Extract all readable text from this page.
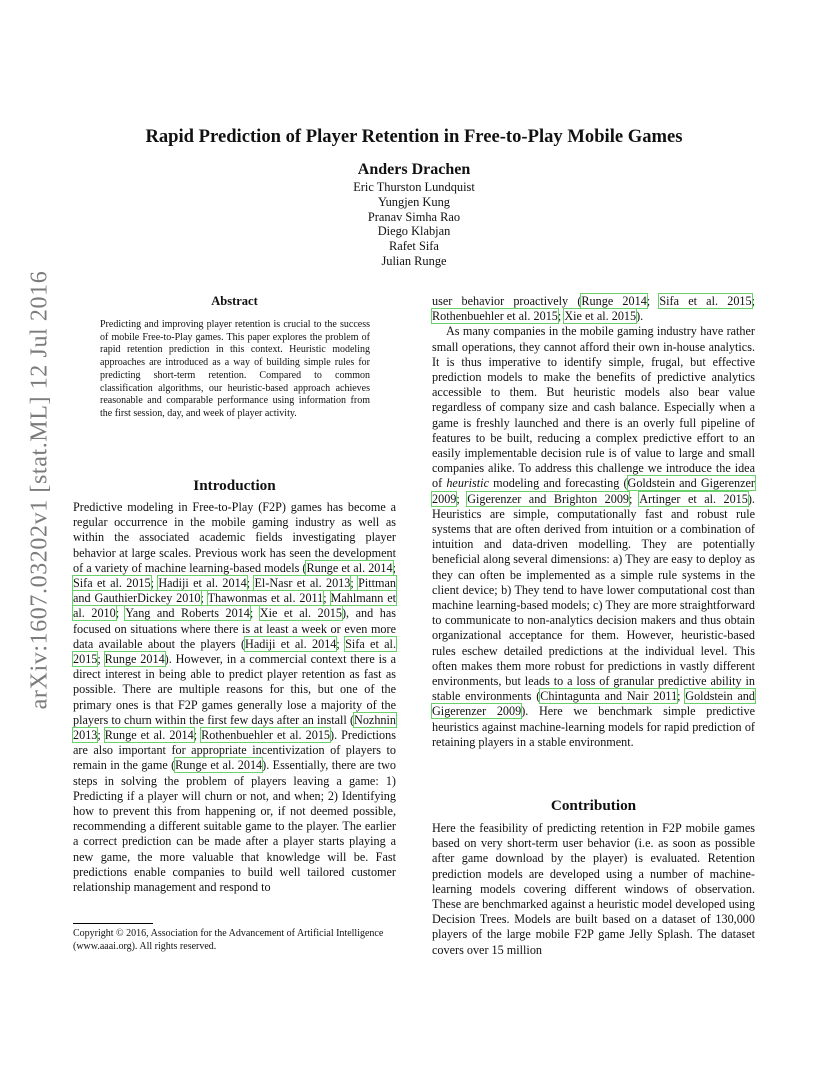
arXiv:1607.03202v1 [stat.ML] 12 Jul 2016
Rapid Prediction of Player Retention in Free-to-Play Mobile Games
Anders Drachen
Eric Thurston Lundquist
Yungjen Kung
Pranav Simha Rao
Diego Klabjan
Rafet Sifa
Julian Runge
Abstract
Predicting and improving player retention is crucial to the success of mobile Free-to-Play games. This paper explores the problem of rapid retention prediction in this context. Heuristic modeling approaches are introduced as a way of building simple rules for predicting short-term retention. Compared to common classification algorithms, our heuristic-based approach achieves reasonable and comparable performance using information from the first session, day, and week of player activity.
Introduction

Predictive modeling in Free-to-Play (F2P) games has become a regular occurrence in the mobile gaming industry as well as within the associated academic fields investigating player behavior at large scales. Previous work has seen the development of a variety of machine learning-based models (Runge et al. 2014; Sifa et al. 2015; Hadiji et al. 2014; El-Nasr et al. 2013; Pittman and GauthierDickey 2010; Thawonmas et al. 2011; Mahlmann et al. 2010; Yang and Roberts 2014; Xie et al. 2015), and has focused on situations where there is at least a week or even more data available about the players (Hadiji et al. 2014; Sifa et al. 2015; Runge 2014). However, in a commercial context there is a direct interest in being able to predict player retention as fast as possible. There are multiple reasons for this, but one of the primary ones is that F2P games generally lose a majority of the players to churn within the first few days after an install (Nozhnin 2013; Runge et al. 2014; Rothenbuehler et al. 2015). Predictions are also important for appropriate incentivization of players to remain in the game (Runge et al. 2014). Essentially, there are two steps in solving the problem of players leaving a game: 1) Predicting if a player will churn or not, and when; 2) Identifying how to prevent this from happening or, if not deemed possible, recommending a different suitable game to the player. The earlier a correct prediction can be made after a player starts playing a new game, the more valuable that knowledge will be. Fast predictions enable companies to build well tailored customer relationship management and respond to

Copyright © 2016, Association for the Advancement of Artificial Intelligence (www.aaai.org). All rights reserved.

user behavior proactively (Runge 2014; Sifa et al. 2015; Rothenbuehler et al. 2015; Xie et al. 2015).

As many companies in the mobile gaming industry have rather small operations, they cannot afford their own in-house analytics. It is thus imperative to identify simple, frugal, but effective prediction models to make the benefits of predictive analytics accessible to them. But heuristic models also bear value regardless of company size and cash balance. Especially when a game is freshly launched and there is an overly full pipeline of features to be built, reducing a complex predictive effort to an easily implementable decision rule is of value to large and small companies alike. To address this challenge we introduce the idea of heuristic modeling and forecasting (Goldstein and Gigerenzer 2009; Gigerenzer and Brighton 2009; Artinger et al. 2015). Heuristics are simple, computationally fast and robust rule systems that are often derived from intuition or a combination of intuition and data-driven modelling. They are potentially beneficial along several dimensions: a) They are easy to deploy as they can often be implemented as a simple rule systems in the client device; b) They tend to have lower computational cost than machine learning-based models; c) They are more straightforward to communicate to non-analytics decision makers and thus obtain organizational acceptance for them. However, heuristic-based rules eschew detailed predictions at the individual level. This often makes them more robust for predictions in vastly different environments, but leads to a loss of granular predictive ability in stable environments (Chintagunta and Nair 2011; Goldstein and Gigerenzer 2009). Here we benchmark simple predictive heuristics against machine-learning models for rapid prediction of retaining players in a stable environment.

Contribution
Here the feasibility of predicting retention in F2P mobile games based on very short-term user behavior (i.e. as soon as possible after game download by the player) is evaluated. Retention prediction models are developed using a number of machine-learning models covering different windows of observation. These are benchmarked against a heuristic model developed using Decision Trees. Models are built based on a dataset of 130,000 players of the large mobile F2P game Jelly Splash. The dataset covers over 15 million
